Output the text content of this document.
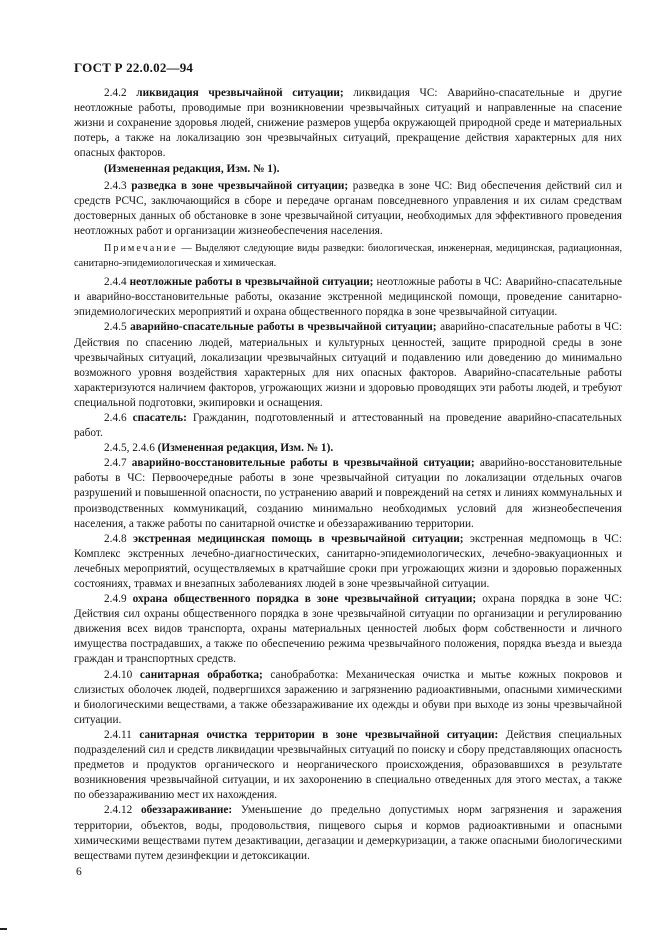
ГОСТ Р 22.0.02—94

2.4.2 ликвидация чрезвычайной ситуации; ликвидация ЧС: Аварийно-спасательные и другие неотложные работы, проводимые при возникновении чрезвычайных ситуаций и направленные на спасение жизни и сохранение здоровья людей, снижение размеров ущерба окружающей природной среде и материальных потерь, а также на локализацию зон чрезвычайных ситуаций, прекращение действия характерных для них опасных факторов.

(Измененная редакция, Изм. № 1).

2.4.3 разведка в зоне чрезвычайной ситуации; разведка в зоне ЧС: Вид обеспечения действий сил и средств РСЧС, заключающийся в сборе и передаче органам повседневного управления и их силам средствам достоверных данных об обстановке в зоне чрезвычайной ситуации, необходимых для эффективного проведения неотложных работ и организации жизнеобеспечения населения.

Примечание — Выделяют следующие виды разведки: биологическая, инженерная, медицинская, радиационная, санитарно-эпидемиологическая и химическая.

2.4.4 неотложные работы в чрезвычайной ситуации; неотложные работы в ЧС: Аварийно-спасательные и аварийно-восстановительные работы, оказание экстренной медицинской помощи, проведение санитарно-эпидемиологических мероприятий и охрана общественного порядка в зоне чрезвычайной ситуации.

2.4.5 аварийно-спасательные работы в чрезвычайной ситуации; аварийно-спасательные работы в ЧС: Действия по спасению людей, материальных и культурных ценностей, защите природной среды в зоне чрезвычайных ситуаций, локализации чрезвычайных ситуаций и подавлению или доведению до минимально возможного уровня воздействия характерных для них опасных факторов. Аварийно-спасательные работы характеризуются наличием факторов, угрожающих жизни и здоровью проводящих эти работы людей, и требуют специальной подготовки, экипировки и оснащения.

2.4.6 спасатель: Гражданин, подготовленный и аттестованный на проведение аварийно-спасательных работ.

2.4.5, 2.4.6 (Измененная редакция, Изм. № 1).

2.4.7 аварийно-восстановительные работы в чрезвычайной ситуации; аварийно-восстановительные работы в ЧС: Первоочередные работы в зоне чрезвычайной ситуации по локализации отдельных очагов разрушений и повышенной опасности, по устранению аварий и повреждений на сетях и линиях коммунальных и производственных коммуникаций, созданию минимально необходимых условий для жизнеобеспечения населения, а также работы по санитарной очистке и обеззараживанию территории.

2.4.8 экстренная медицинская помощь в чрезвычайной ситуации; экстренная медпомощь в ЧС: Комплекс экстренных лечебно-диагностических, санитарно-эпидемиологических, лечебно-эвакуационных и лечебных мероприятий, осуществляемых в кратчайшие сроки при угрожающих жизни и здоровью пораженных состояниях, травмах и внезапных заболеваниях людей в зоне чрезвычайной ситуации.

2.4.9 охрана общественного порядка в зоне чрезвычайной ситуации; охрана порядка в зоне ЧС: Действия сил охраны общественного порядка в зоне чрезвычайной ситуации по организации и регулированию движения всех видов транспорта, охраны материальных ценностей любых форм собственности и личного имущества пострадавших, а также по обеспечению режима чрезвычайного положения, порядка въезда и выезда граждан и транспортных средств.

2.4.10 санитарная обработка; санобработка: Механическая очистка и мытье кожных покровов и слизистых оболочек людей, подвергшихся заражению и загрязнению радиоактивными, опасными химическими и биологическими веществами, а также обеззараживание их одежды и обуви при выходе из зоны чрезвычайной ситуации.

2.4.11 санитарная очистка территории в зоне чрезвычайной ситуации: Действия специальных подразделений сил и средств ликвидации чрезвычайных ситуаций по поиску и сбору представляющих опасность предметов и продуктов органического и неорганического происхождения, образовавшихся в результате возникновения чрезвычайной ситуации, и их захоронению в специально отведенных для этого местах, а также по обеззараживанию мест их нахождения.

2.4.12 обеззараживание: Уменьшение до предельно допустимых норм загрязнения и заражения территории, объектов, воды, продовольствия, пищевого сырья и кормов радиоактивными и опасными химическими веществами путем дезактивации, дегазации и демеркуризации, а также опасными биологическими веществами путем дезинфекции и детоксикации.

6
